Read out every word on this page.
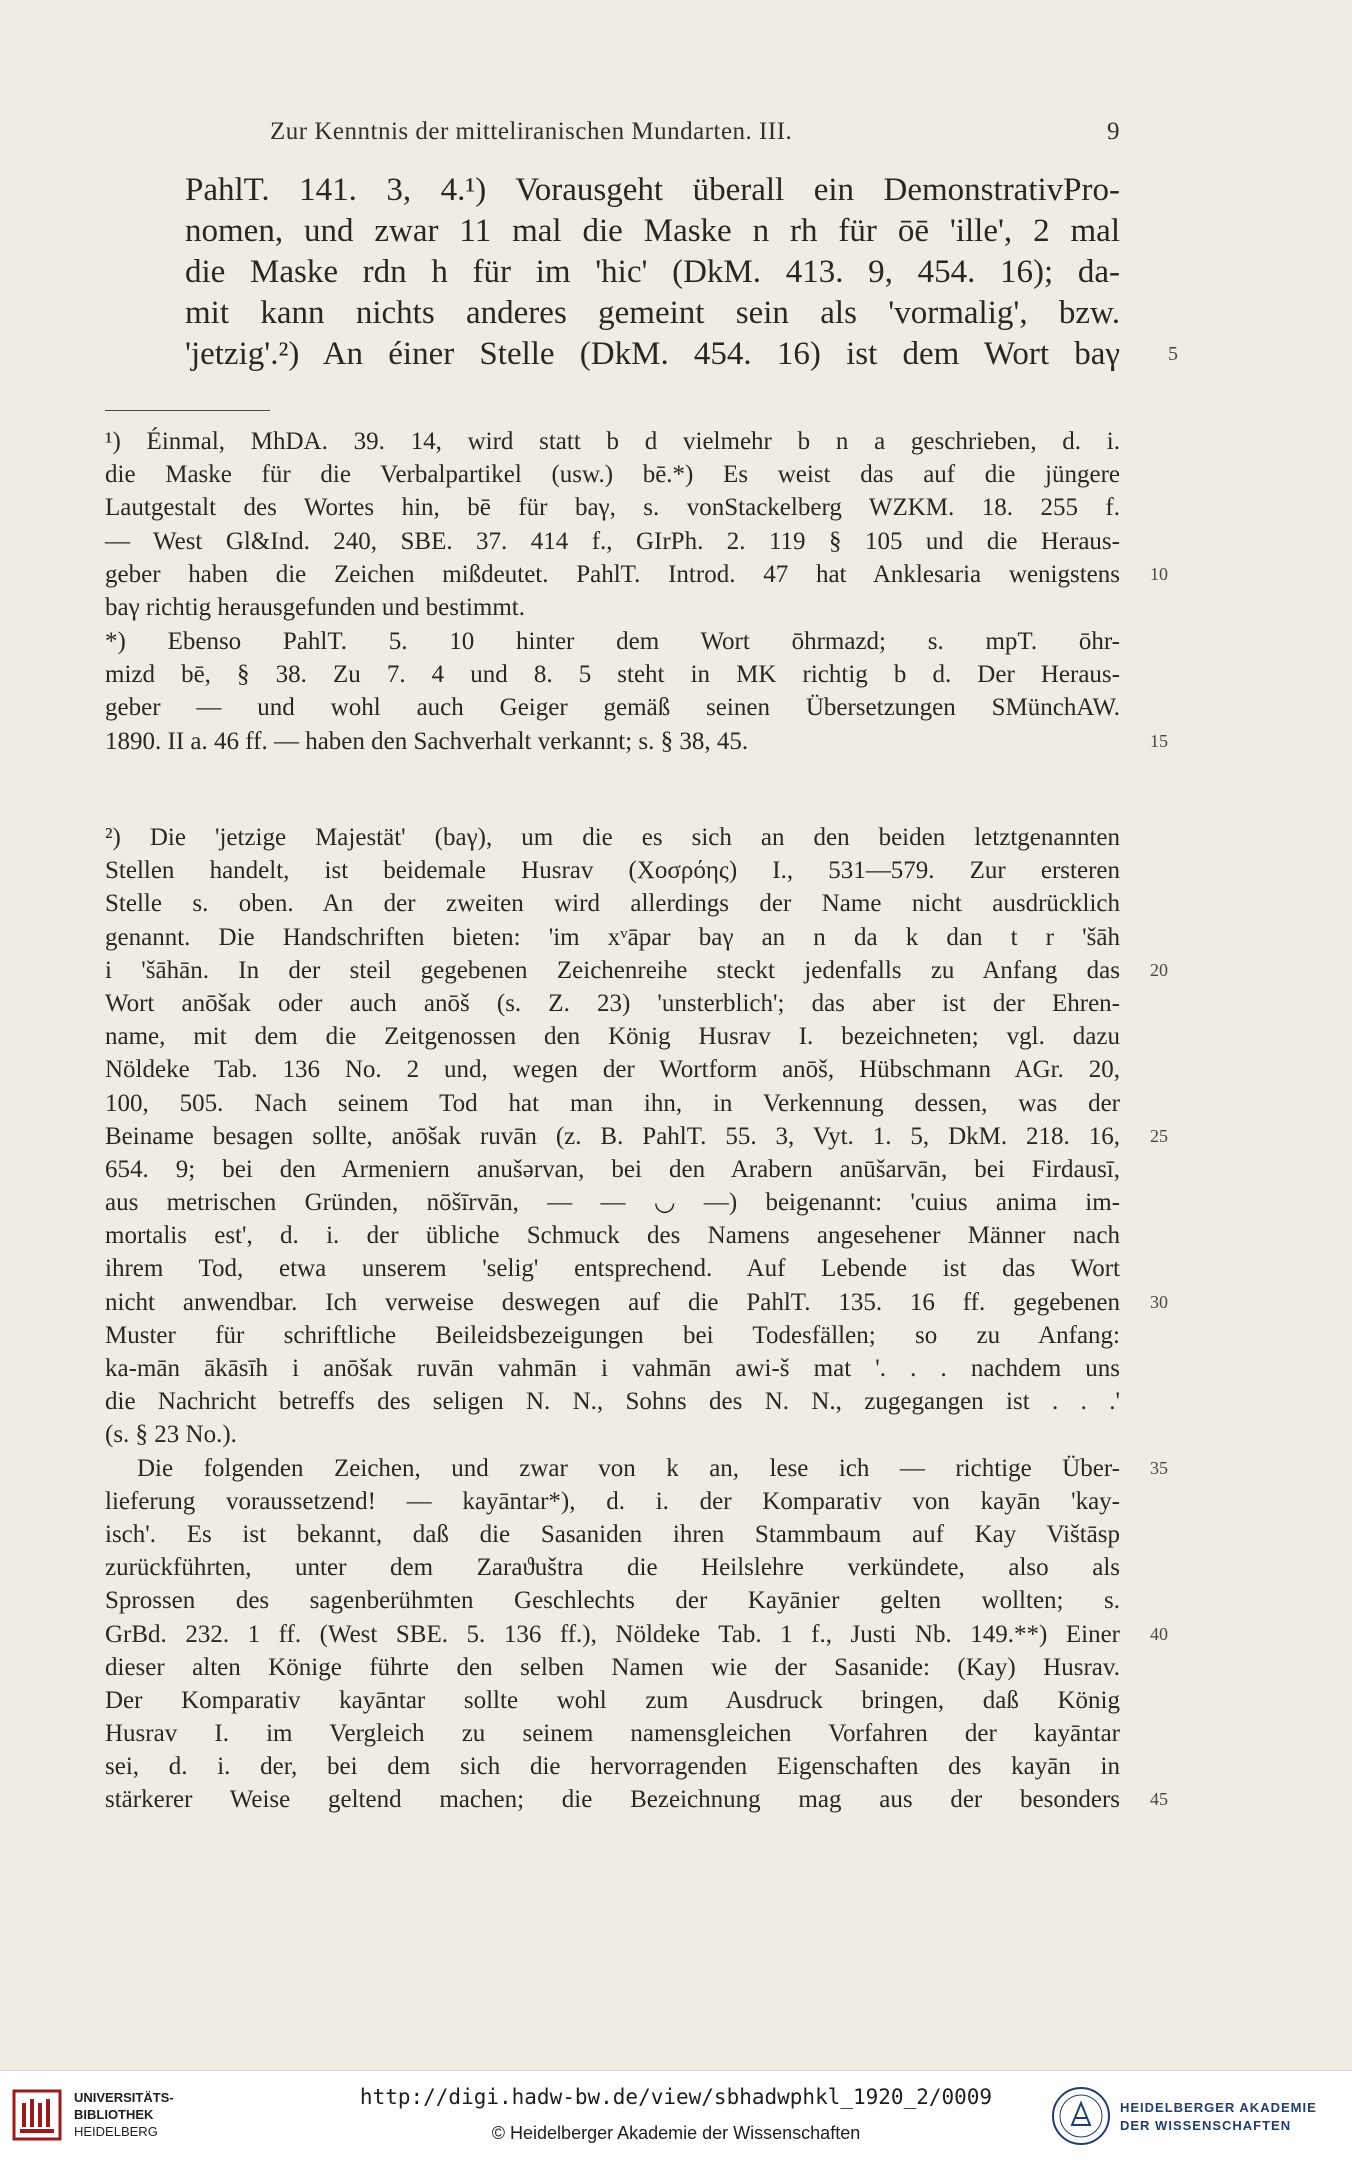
Zur Kenntnis der mitteliranischen Mundarten. III.	9
PahlT. 141. 3, 4.¹) Vorausgeht überall ein DemonstrativPro-
nomen, und zwar 11 mal die Maske n rh für ōē 'ille', 2 mal
die Maske rdn h für im 'hic' (DkM. 413. 9, 454. 16); da-
mit kann nichts anderes gemeint sein als 'vormalig', bzw.
'jetzig'.²) An éiner Stelle (DkM. 454. 16) ist dem Wort baγ 5
¹) Éinmal, MhDA. 39. 14, wird statt b d vielmehr b n a geschrieben, d. i.
die Maske für die Verbalpartikel (usw.) bē.*) Es weist das auf die jüngere
Lautgestalt des Wortes hin, bē für baγ, s. vonStackelberg WZKM. 18. 255 f.
— West Gl&Ind. 240, SBE. 37. 414 f., GIrPh. 2. 119 § 105 und die Heraus-
geber haben die Zeichen mißdeutet. PahlT. Introd. 47 hat Anklesaria wenigstens 10
baγ richtig herausgefunden und bestimmt.
*) Ebenso PahlT. 5. 10 hinter dem Wort ōhrmazd; s. mpT. ōhr-
mizd bē, § 38. Zu 7. 4 und 8. 5 steht in MK richtig b d. Der Heraus-
geber — und wohl auch Geiger gemäß seinen Übersetzungen SMünchAW.
1890. II a. 46 ff. — haben den Sachverhalt verkannt; s. § 38, 45.	15
²) Die 'jetzige Majestät' (baγ), um die es sich an den beiden letztgenannten
Stellen handelt, ist beidemale Husrav (Χοσρόης) I., 531—579. Zur ersteren
Stelle s. oben. An der zweiten wird allerdings der Name nicht ausdrücklich
genannt. Die Handschriften bieten: 'im xᵛāpar baγ an n da k dan t r 'šāh
i 'šāhān. In der steil gegebenen Zeichenreihe steckt jedenfalls zu Anfang das 20
Wort anōšak oder auch anōš (s. Z. 23) 'unsterblich'; das aber ist der Ehren-
name, mit dem die Zeitgenossen den König Husrav I. bezeichneten; vgl. dazu
Nöldeke Tab. 136 No. 2 und, wegen der Wortform anōš, Hübschmann AGr. 20,
100, 505. Nach seinem Tod hat man ihn, in Verkennung dessen, was der
Beiname besagen sollte, anōšak ruvān (z. B. PahlT. 55. 3, Vyt. 1. 5, DkM. 218. 16, 25
654. 9; bei den Armeniern anušərvan, bei den Arabern anūšarvān, bei Firdausī,
aus metrischen Gründen, nōšīrvān, — — ◡ —) beigenannt: 'cuius anima im-
mortalis est', d. i. der übliche Schmuck des Namens angesehener Männer nach
ihrem Tod, etwa unserem 'selig' entsprechend. Auf Lebende ist das Wort
nicht anwendbar. Ich verweise deswegen auf die PahlT. 135. 16 ff. gegebenen 30
Muster für schriftliche Beileidsbezeigungen bei Todesfällen; so zu Anfang:
ka-mān ākāsīh i anōšak ruvān vahmān i vahmān awi-š mat '. . . nachdem uns
die Nachricht betreffs des seligen N. N., Sohns des N. N., zugegangen ist . . .'
(s. § 23 No.).
Die folgenden Zeichen, und zwar von k an, lese ich — richtige Über- 35
lieferung voraussetzend! — kayāntar*), d. i. der Komparativ von kayān 'kay-
isch'. Es ist bekannt, daß die Sasaniden ihren Stammbaum auf Kay Vištāsp
zurückführten, unter dem Zaraϑuštra die Heilslehre verkündete, also als
Sprossen des sagenberühmten Geschlechts der Kayānier gelten wollten; s.
GrBd. 232. 1 ff. (West SBE. 5. 136 ff.), Nöldeke Tab. 1 f., Justi Nb. 149.**) Einer 40
dieser alten Könige führte den selben Namen wie der Sasanide: (Kay) Husrav.
Der Komparativ kayāntar sollte wohl zum Ausdruck bringen, daß König
Husrav I. im Vergleich zu seinem namensgleichen Vorfahren der kayāntar
sei, d. i. der, bei dem sich die hervorragenden Eigenschaften des kayān in
stärkerer Weise geltend machen; die Bezeichnung mag aus der besonders 45
UNIVERSITÄTS-
BIBLIOTHEK
HEIDELBERG
http://digi.hadw-bw.de/view/sbhadwphkl_1920_2/0009
© Heidelberger Akademie der Wissenschaften
HEIDELBERGER AKADEMIE
DER WISSENSCHAFTEN
